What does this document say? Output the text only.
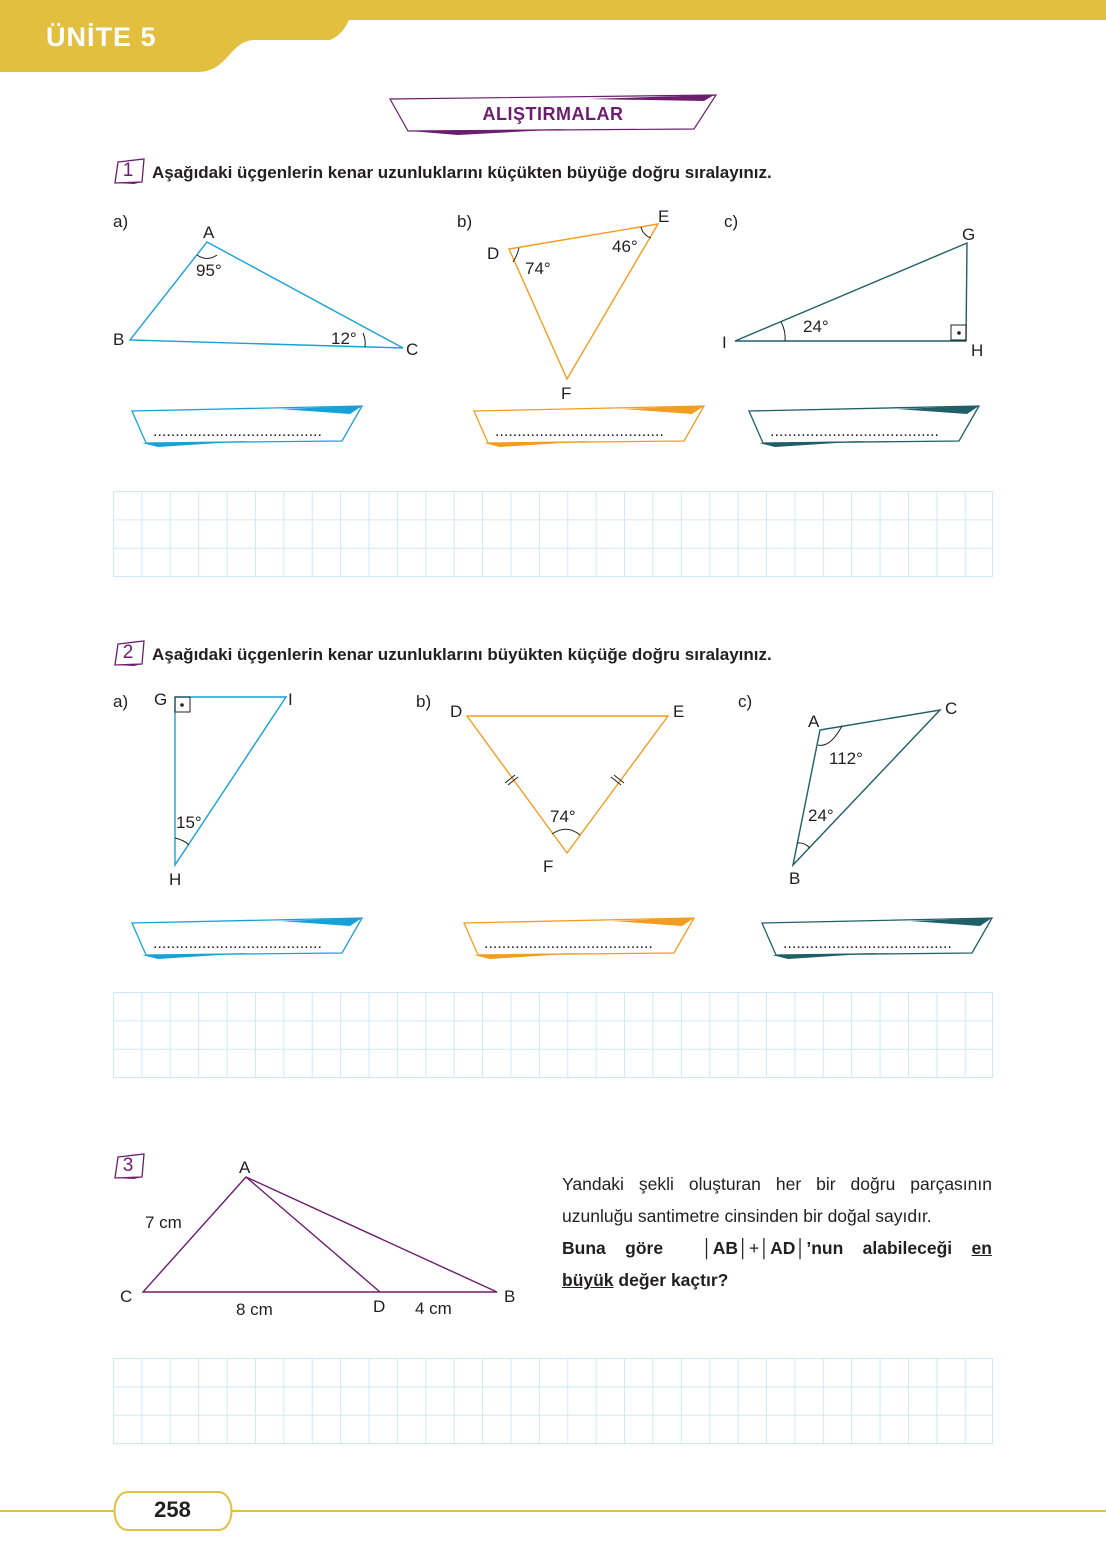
ÜNİTE 5
ALIŞTIRMALAR
1 Aşağıdaki üçgenlerin kenar uzunluklarını küçükten büyüğe doğru sıralayınız.
a)	b)	c)
A
B
C
95°
12°
D
E
F
74°
46°
G
H
I
24°
......................................	......................................	......................................
2 Aşağıdaki üçgenlerin kenar uzunluklarını büyükten küçüğe doğru sıralayınız.
a)	b)	c)
G	I
H
15°
D	E
F
74°
A
C
B
112°
24°
......................................	......................................	......................................
3	A
C
D
B
7 cm
8 cm	4 cm

Yandaki şekli oluşturan her bir doğru parçasının uzunluğu santimetre cinsinden bir doğal sayıdır.

Buna göre │AB│+│AD│’nun alabileceği en

büyük değer kaçtır?

258
